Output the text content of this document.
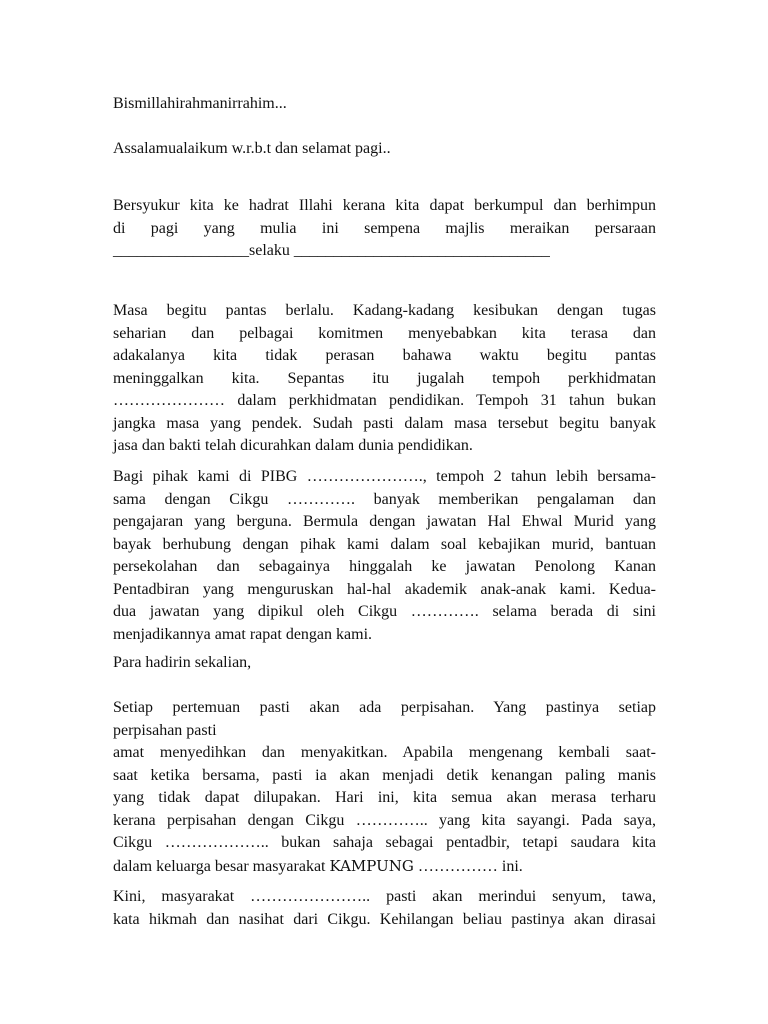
Bismillahirahmanirrahim...

Assalamualaikum w.r.b.t dan selamat pagi..

Bersyukur kita ke hadrat Illahi kerana kita dapat berkumpul dan berhimpun
di pagi yang mulia ini sempena majlis meraikan persaraan
_________________selaku ________________________________
Masa begitu pantas berlalu. Kadang-kadang kesibukan dengan tugas
seharian dan pelbagai komitmen menyebabkan kita terasa dan
adakalanya kita tidak perasan bahawa waktu begitu pantas
meninggalkan kita. Sepantas itu jugalah tempoh perkhidmatan
………………… dalam perkhidmatan pendidikan. Tempoh 31 tahun bukan
jangka masa yang pendek. Sudah pasti dalam masa tersebut begitu banyak
jasa dan bakti telah dicurahkan dalam dunia pendidikan.
Bagi pihak kami di PIBG …………………., tempoh 2 tahun lebih bersama-
sama dengan Cikgu …………. banyak memberikan pengalaman dan
pengajaran yang berguna. Bermula dengan jawatan Hal Ehwal Murid yang
bayak berhubung dengan pihak kami dalam soal kebajikan murid, bantuan
persekolahan dan sebagainya hinggalah ke jawatan Penolong Kanan
Pentadbiran yang menguruskan hal-hal akademik anak-anak kami. Kedua-
dua jawatan yang dipikul oleh Cikgu …………. selama berada di sini
menjadikannya amat rapat dengan kami.

Para hadirin sekalian,

Setiap pertemuan pasti akan ada perpisahan. Yang pastinya setiap
perpisahan pasti
amat menyedihkan dan menyakitkan. Apabila mengenang kembali saat-
saat ketika bersama, pasti ia akan menjadi detik kenangan paling manis
yang tidak dapat dilupakan. Hari ini, kita semua akan merasa terharu
kerana perpisahan dengan Cikgu ………….. yang kita sayangi. Pada saya,
Cikgu ……………….. bukan sahaja sebagai pentadbir, tetapi saudara kita
dalam keluarga besar masyarakat KAMPUNG …………… ini.
Kini, masyarakat ………………….. pasti akan merindui senyum, tawa,
kata hikmah dan nasihat dari Cikgu. Kehilangan beliau pastinya akan dirasai
